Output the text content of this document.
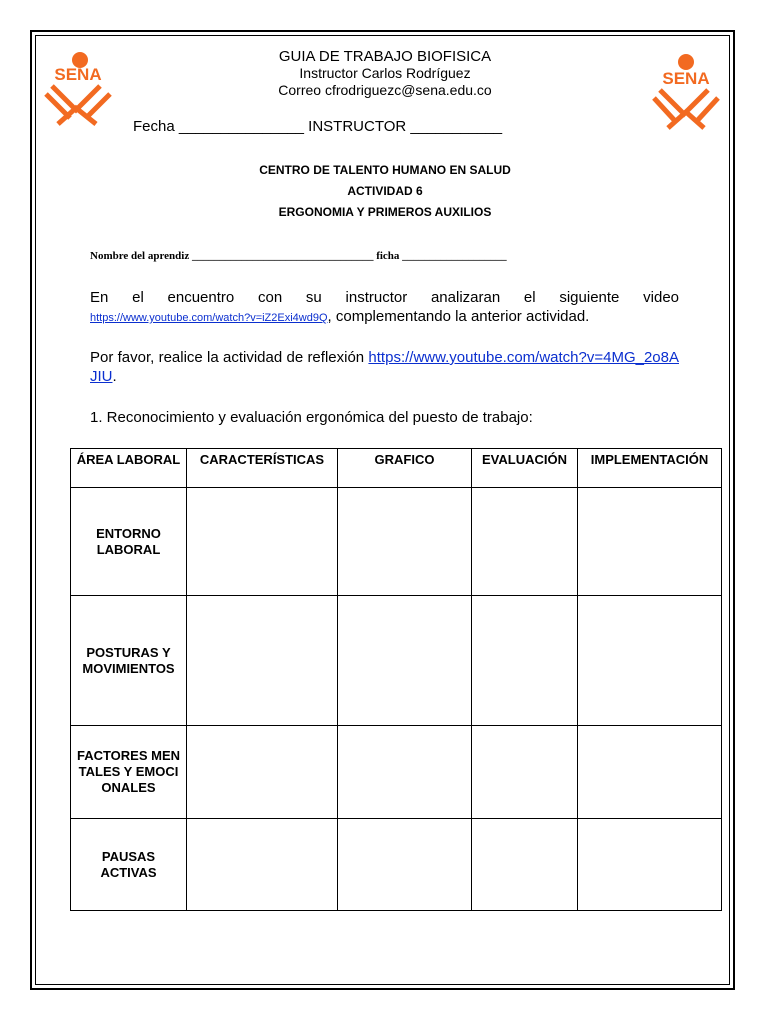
SENA	SENA
GUIA DE TRABAJO BIOFISICA
Instructor Carlos Rodríguez
Correo cfrodriguezc@sena.edu.co
Fecha _______________ INSTRUCTOR ___________
CENTRO DE TALENTO HUMANO EN SALUD
ACTIVIDAD 6
ERGONOMIA Y PRIMEROS AUXILIOS
Nombre del aprendiz _________________________________ ficha ___________________
En el encuentro con su instructor analizaran el siguiente video
https://www.youtube.com/watch?v=iZ2Exi4wd9Q, complementando la anterior actividad.
Por favor, realice la actividad de reflexión https://www.youtube.com/watch?v=4MG_2o8AJIU.
1. Reconocimiento y evaluación ergonómica del puesto de trabajo:
ÁREA LABORAL	CARACTERÍSTICAS	GRAFICO	EVALUACIÓN	IMPLEMENTACIÓN
ENTORNO LABORAL				
POSTURAS Y MOVIMIENTOS				
FACTORES MENTALES Y EMOCIONALES				
PAUSAS ACTIVAS				
